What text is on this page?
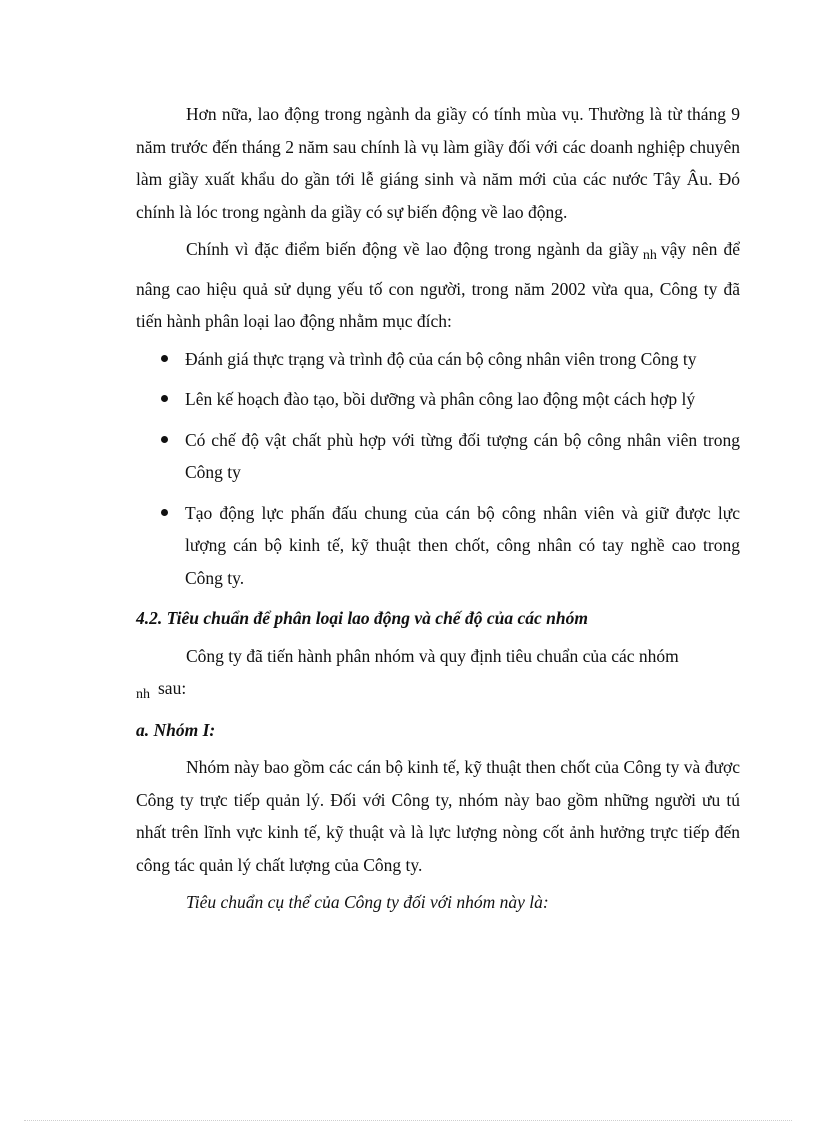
Hơn nữa, lao động trong ngành da giầy có tính mùa vụ. Thường là từ tháng 9 năm trước đến tháng 2 năm sau chính là vụ làm giầy đối với các doanh nghiệp chuyên làm giầy xuất khẩu do gần tới lễ giáng sinh và năm mới của các nước Tây Âu. Đó chính là lóc trong ngành da giầy có sự biến động về lao động.

Chính vì đặc điểm biến động về lao động trong ngành da giầy $_{nh}$ vậy nên để nâng cao hiệu quả sử dụng yếu tố con người, trong năm 2002 vừa qua, Công ty đã tiến hành phân loại lao động nhằm mục đích:

Đánh giá thực trạng và trình độ của cán bộ công nhân viên trong Công ty
Lên kế hoạch đào tạo, bồi dưỡng và phân công lao động một cách hợp lý
Có chế độ vật chất phù hợp với từng đối tượng cán bộ công nhân viên trong Công ty
Tạo động lực phấn đấu chung của cán bộ công nhân viên và giữ được lực lượng cán bộ kinh tế, kỹ thuật then chốt, công nhân có tay nghề cao trong Công ty.

4.2. Tiêu chuẩn để phân loại lao động và chế độ của các nhóm

Công ty đã tiến hành phân nhóm và quy định tiêu chuẩn của các nhóm
nh sau:

a. Nhóm I:

Nhóm này bao gồm các cán bộ kinh tế, kỹ thuật then chốt của Công ty và được Công ty trực tiếp quản lý. Đối với Công ty, nhóm này bao gồm những người ưu tú nhất trên lĩnh vực kinh tế, kỹ thuật và là lực lượng nòng cốt ảnh hưởng trực tiếp đến công tác quản lý chất lượng của Công ty.

Tiêu chuẩn cụ thể của Công ty đối với nhóm này là:
